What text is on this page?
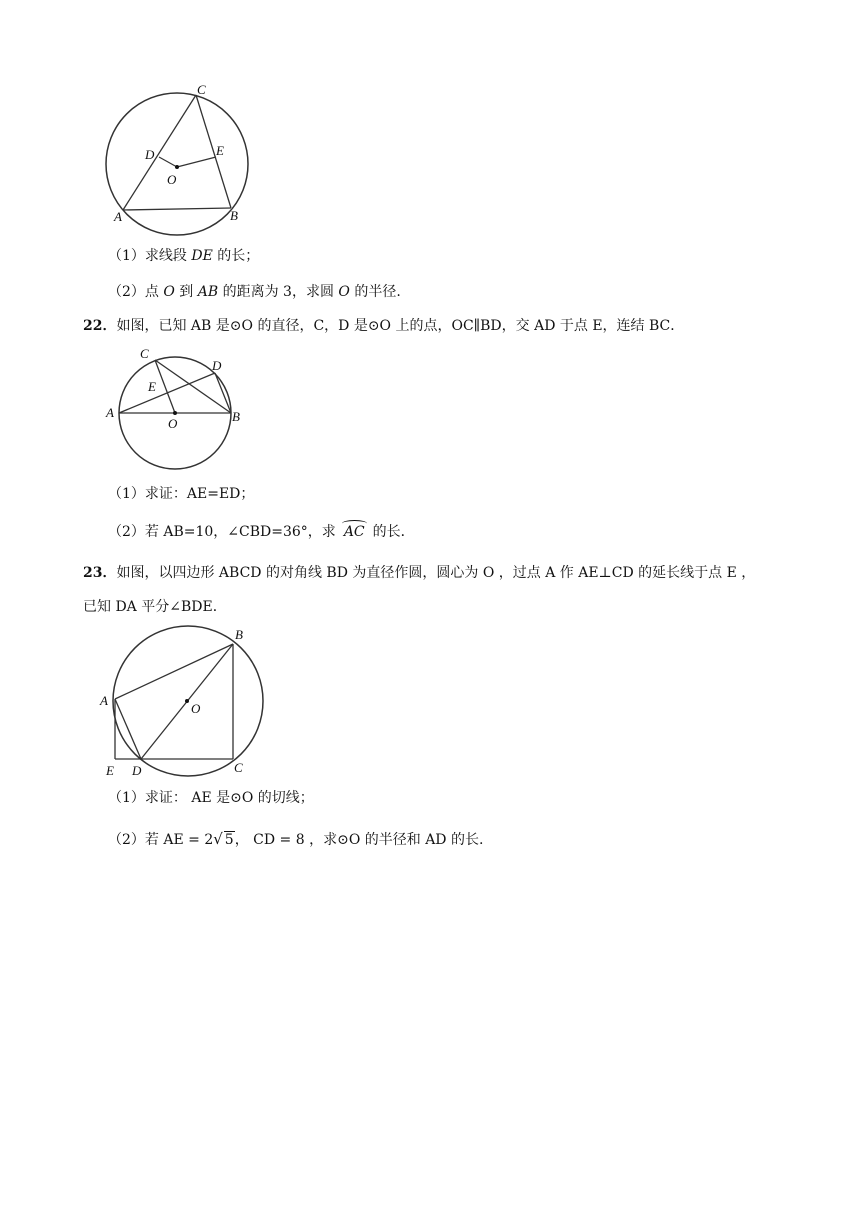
C
D	E
O
A	B
（1）求线段 DE 的长；
（2）点 O 到 AB 的距离为 3，求圆 O 的半径.
22．如图，已知 AB 是⊙O 的直径，C，D 是⊙O 上的点，OC∥BD，交 AD 于点 E，连结 BC．
C
D
E
A
O	B
（1）求证：AE=ED；
（2）若 AB=10，∠CBD=36°，求 AC 的长．
23．如图，以四边形 ABCD 的对角线 BD 为直径作圆，圆心为 O ，过点 A 作 AE⊥CD 的延长线于点 E ，
已知 DA 平分∠BDE．
B
A
O
E D	C
（1）求证： AE 是⊙O 的切线；
（2）若 AE = 2√ 5， CD = 8 ，求⊙O 的半径和 AD 的长.
